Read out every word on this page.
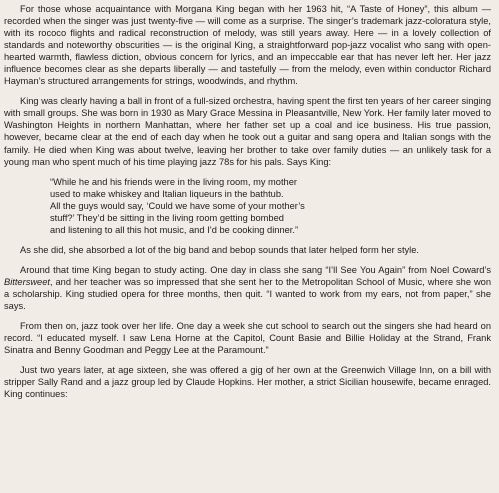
For those whose acquaintance with Morgana King began with her 1963 hit, “A Taste of Honey”, this album — recorded when the singer was just twenty-five — will come as a surprise. The singer’s trademark jazz-coloratura style, with its rococo flights and radical reconstruction of melody, was still years away. Here — in a lovely collection of standards and noteworthy obscurities — is the original King, a straightforward pop-jazz vocalist who sang with open-hearted warmth, flawless diction, obvious concern for lyrics, and an impeccable ear that has never left her. Her jazz influence becomes clear as she departs liberally — and tastefully — from the melody, even within conductor Richard Hayman’s structured arrangements for strings, woodwinds, and rhythm.

King was clearly having a ball in front of a full-sized orchestra, having spent the first ten years of her career singing with small groups. She was born in 1930 as Mary Grace Messina in Pleasantville, New York. Her family later moved to Washington Heights in northern Manhattan, where her father set up a coal and ice business. His true passion, however, became clear at the end of each day when he took out a guitar and sang opera and Italian songs with the family. He died when King was about twelve, leaving her brother to take over family duties — an unlikely task for a young man who spent much of his time playing jazz 78s for his pals. Says King:

“While he and his friends were in the living room, my mother
used to make whiskey and Italian liqueurs in the bathtub.
All the guys would say, ‘Could we have some of your mother’s
stuff?’ They’d be sitting in the living room getting bombed
and listening to all this hot music, and I’d be cooking dinner.”

As she did, she absorbed a lot of the big band and bebop sounds that later helped form her style.

Around that time King began to study acting. One day in class she sang “I’ll See You Again” from Noel Coward’s Bittersweet, and her teacher was so impressed that she sent her to the Metropolitan School of Music, where she won a scholarship. King studied opera for three months, then quit. “I wanted to work from my ears, not from paper,” she says.

From then on, jazz took over her life. One day a week she cut school to search out the singers she had heard on record. “I educated myself. I saw Lena Horne at the Capitol, Count Basie and Billie Holiday at the Strand, Frank Sinatra and Benny Goodman and Peggy Lee at the Paramount.”

Just two years later, at age sixteen, she was offered a gig of her own at the Greenwich Village Inn, on a bill with stripper Sally Rand and a jazz group led by Claude Hopkins. Her mother, a strict Sicilian housewife, became enraged. King continues:
